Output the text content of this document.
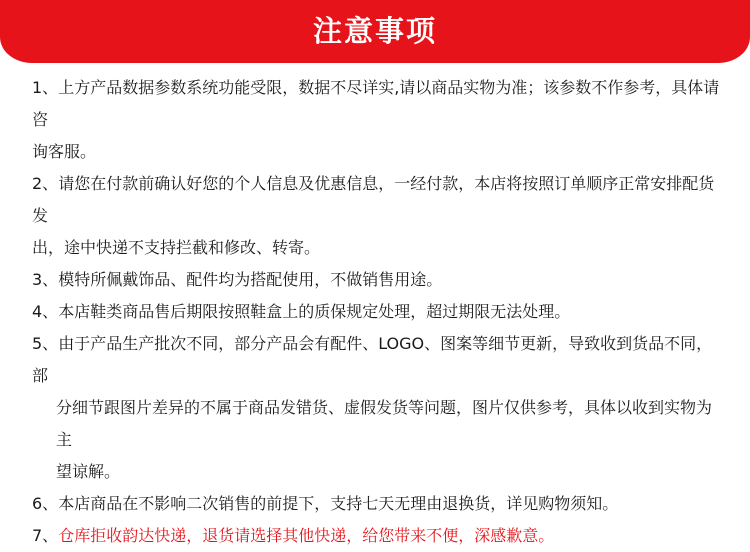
注意事项
1、上方产品数据参数系统功能受限，数据不尽详实,请以商品实物为准；该参数不作参考，具体请咨
询客服。
2、请您在付款前确认好您的个人信息及优惠信息，一经付款，本店将按照订单顺序正常安排配货发
出，途中快递不支持拦截和修改、转寄。
3、模特所佩戴饰品、配件均为搭配使用，不做销售用途。
4、本店鞋类商品售后期限按照鞋盒上的质保规定处理，超过期限无法处理。
5、由于产品生产批次不同，部分产品会有配件、LOGO、图案等细节更新，导致收到货品不同，部
分细节跟图片差异的不属于商品发错货、虚假发货等问题，图片仅供参考，具体以收到实物为主
望谅解。
6、本店商品在不影响二次销售的前提下，支持七天无理由退换货，详见购物须知。
7、仓库拒收韵达快递，退货请选择其他快递，给您带来不便，深感歉意。
